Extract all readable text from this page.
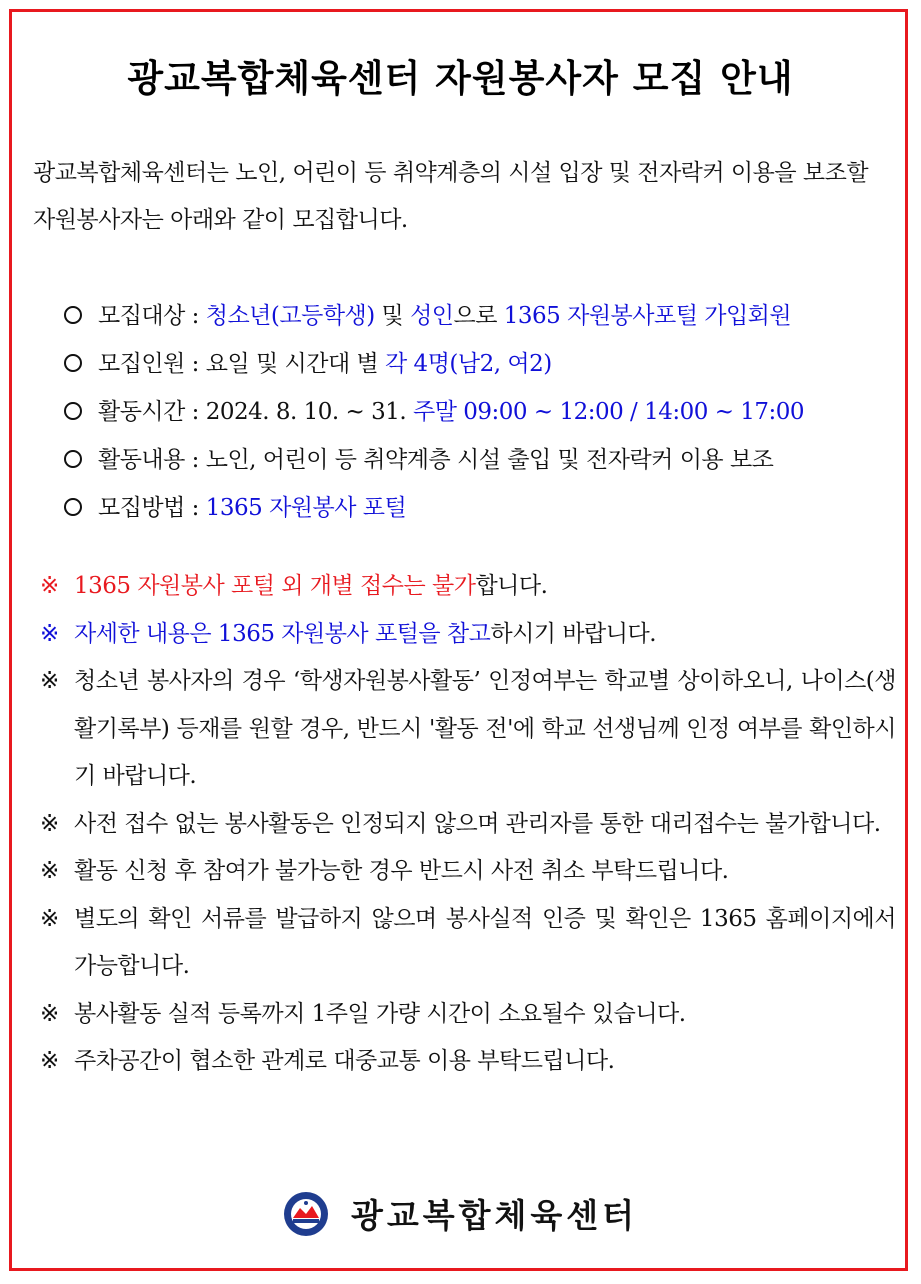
광교복합체육센터 자원봉사자 모집 안내
광교복합체육센터는 노인, 어린이 등 취약계층의 시설 입장 및 전자락커 이용을 보조할 자원봉사자는 아래와 같이 모집합니다.
모집대상 : 청소년(고등학생) 및 성인으로 1365 자원봉사포털 가입회원
모집인원 : 요일 및 시간대 별 각 4명(남2, 여2)
활동시간 : 2024. 8. 10. ~ 31. 주말 09:00 ~ 12:00 / 14:00 ~ 17:00
활동내용 : 노인, 어린이 등 취약계층 시설 출입 및 전자락커 이용 보조
모집방법 : 1365 자원봉사 포털
※ 1365 자원봉사 포털 외 개별 접수는 불가합니다.
※ 자세한 내용은 1365 자원봉사 포털을 참고하시기 바랍니다.
※ 청소년 봉사자의 경우 ‘학생자원봉사활동’ 인정여부는 학교별 상이하오니, 나이스(생활기록부) 등재를 원할 경우, 반드시 '활동 전'에 학교 선생님께 인정 여부를 확인하시기 바랍니다.
※ 사전 접수 없는 봉사활동은 인정되지 않으며 관리자를 통한 대리접수는 불가합니다.
※ 활동 신청 후 참여가 불가능한 경우 반드시 사전 취소 부탁드립니다.
※ 별도의 확인 서류를 발급하지 않으며 봉사실적 인증 및 확인은 1365 홈페이지에서 가능합니다.
※ 봉사활동 실적 등록까지 1주일 가량 시간이 소요될수 있습니다.
※ 주차공간이 협소한 관계로 대중교통 이용 부탁드립니다.
광교복합체육센터
